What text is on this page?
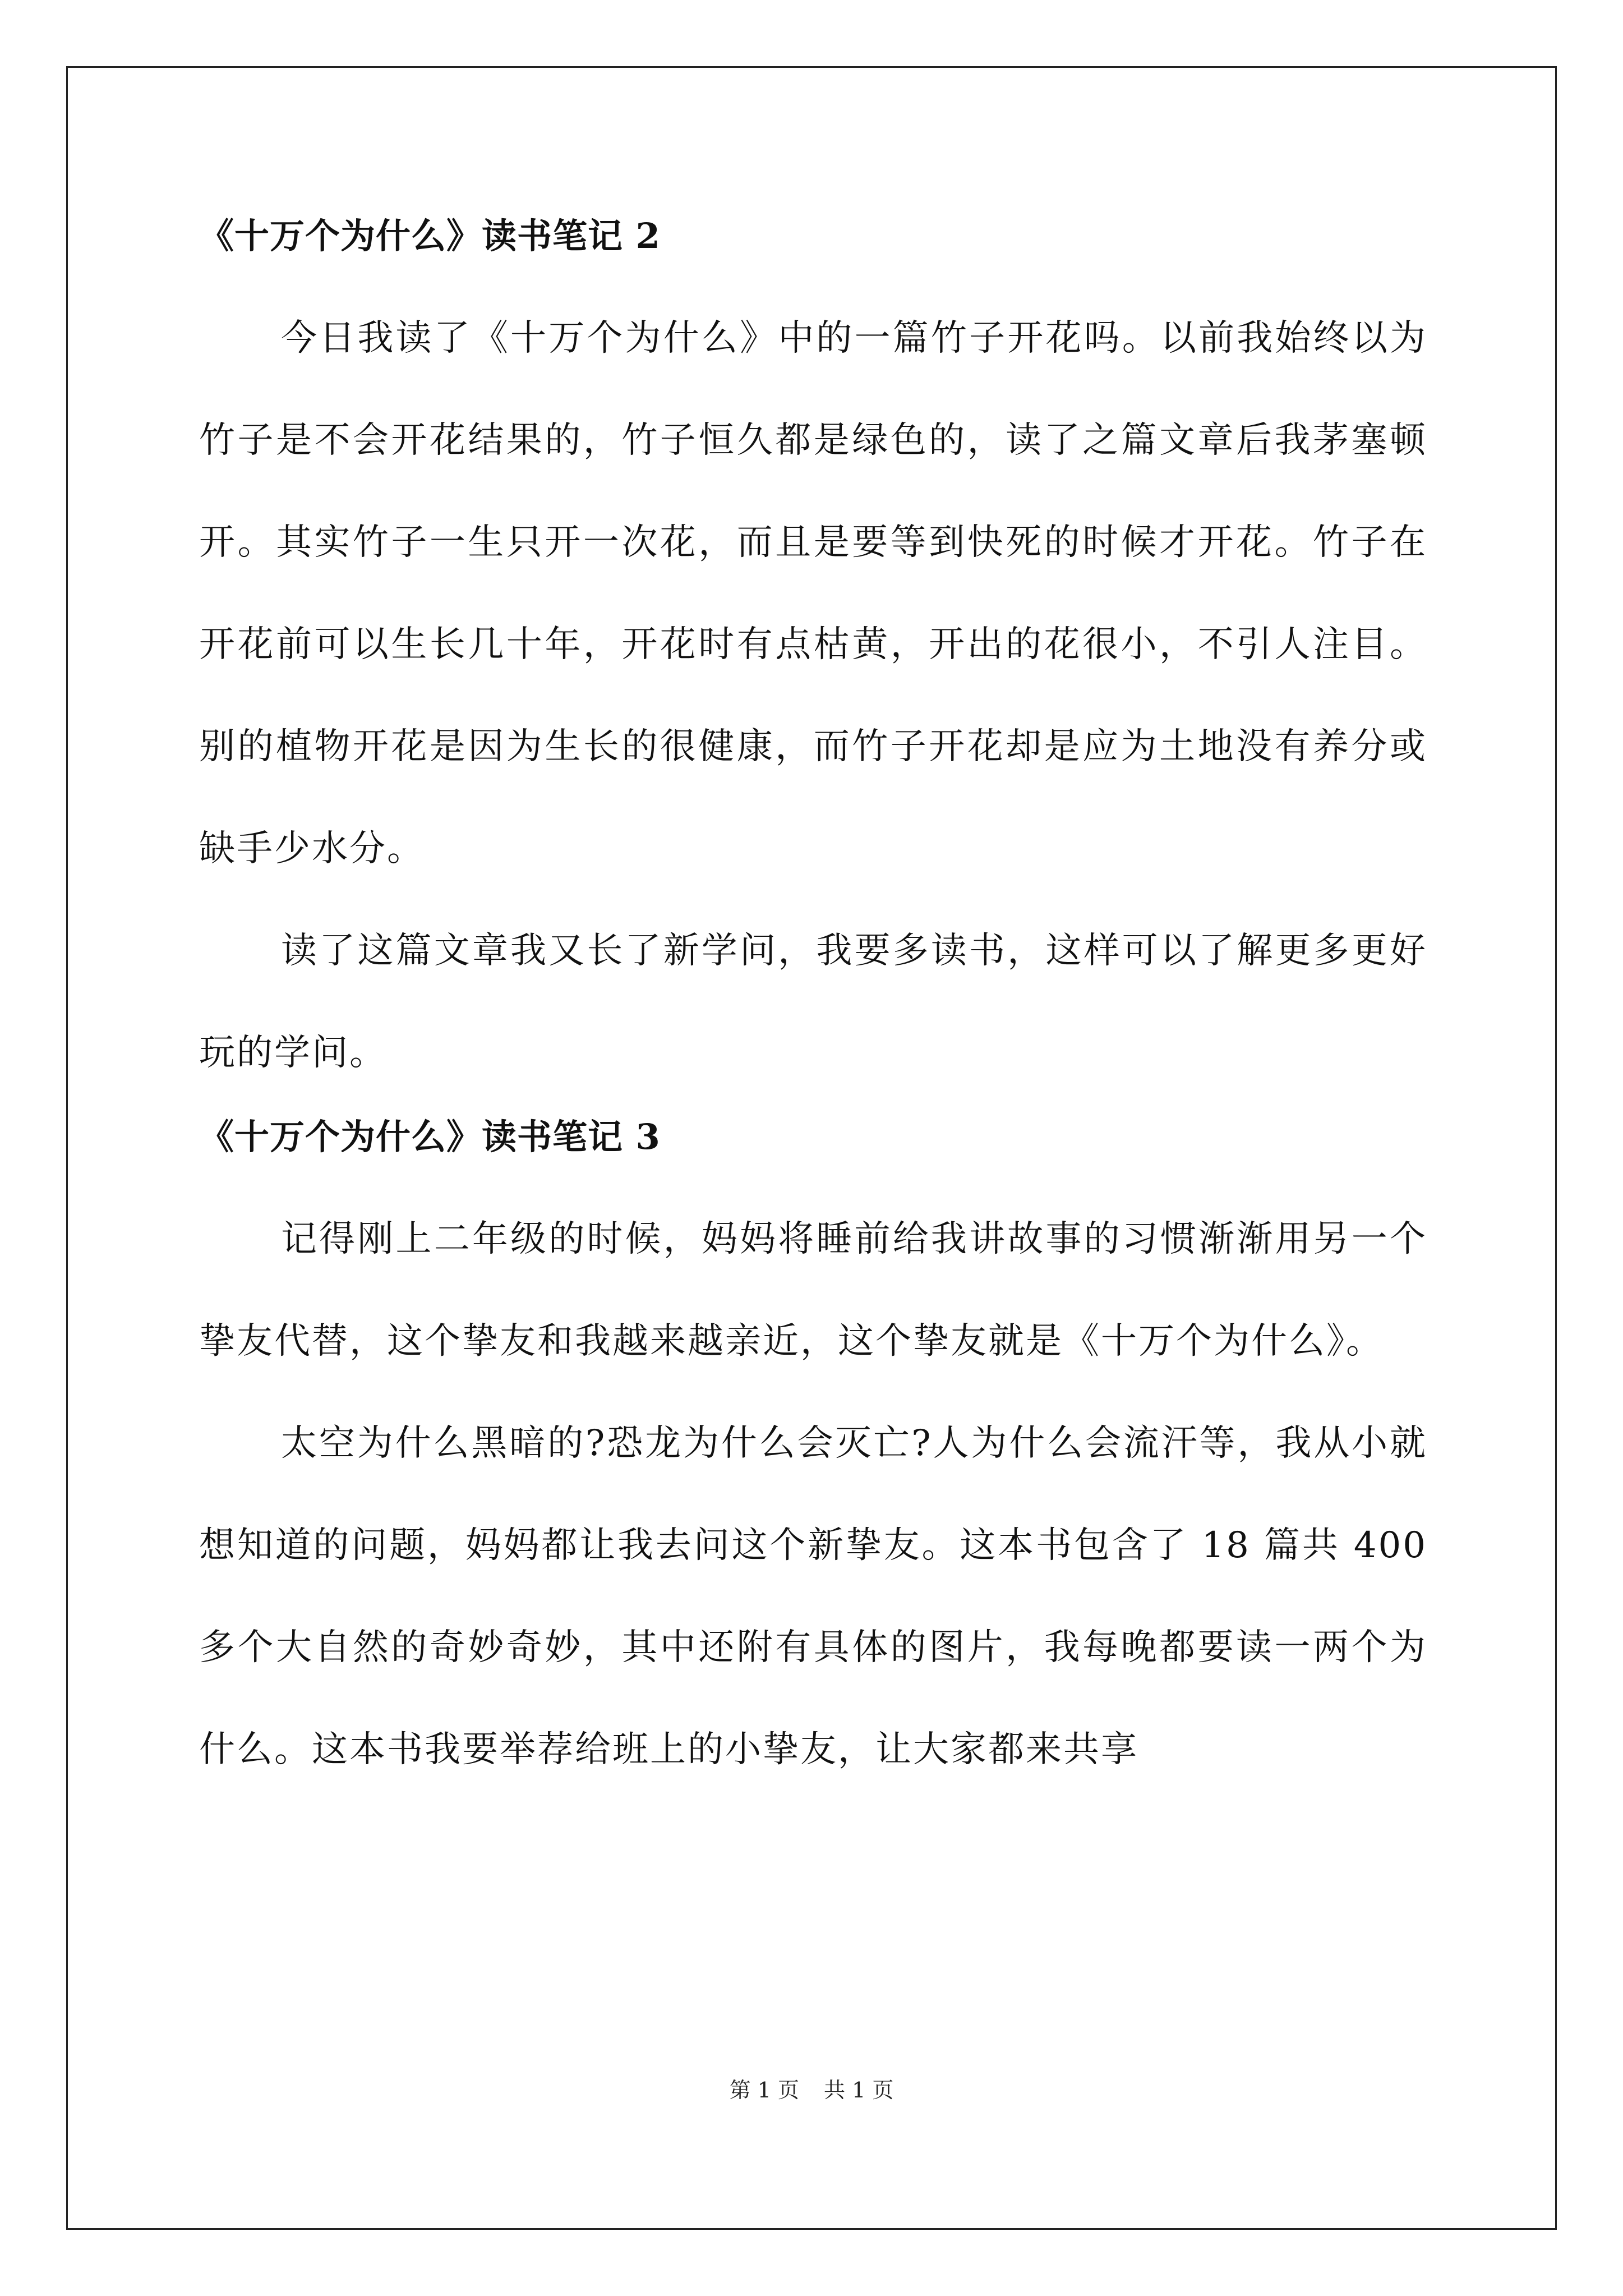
《十万个为什么》读书笔记 2

今日我读了《十万个为什么》中的一篇竹子开花吗。以前我始终以为竹子是不会开花结果的，竹子恒久都是绿色的，读了之篇文章后我茅塞顿开。其实竹子一生只开一次花，而且是要等到快死的时候才开花。竹子在开花前可以生长几十年，开花时有点枯黄，开出的花很小，不引人注目。别的植物开花是因为生长的很健康，而竹子开花却是应为土地没有养分或缺手少水分。

读了这篇文章我又长了新学问，我要多读书，这样可以了解更多更好玩的学问。

《十万个为什么》读书笔记 3

记得刚上二年级的时候，妈妈将睡前给我讲故事的习惯渐渐用另一个挚友代替，这个挚友和我越来越亲近，这个挚友就是《十万个为什么》。

太空为什么黑暗的?恐龙为什么会灭亡?人为什么会流汗等，我从小就想知道的问题，妈妈都让我去问这个新挚友。这本书包含了 18 篇共 400 多个大自然的奇妙奇妙，其中还附有具体的图片，我每晚都要读一两个为什么。这本书我要举荐给班上的小挚友，让大家都来共享

第 1 页 共 1 页
